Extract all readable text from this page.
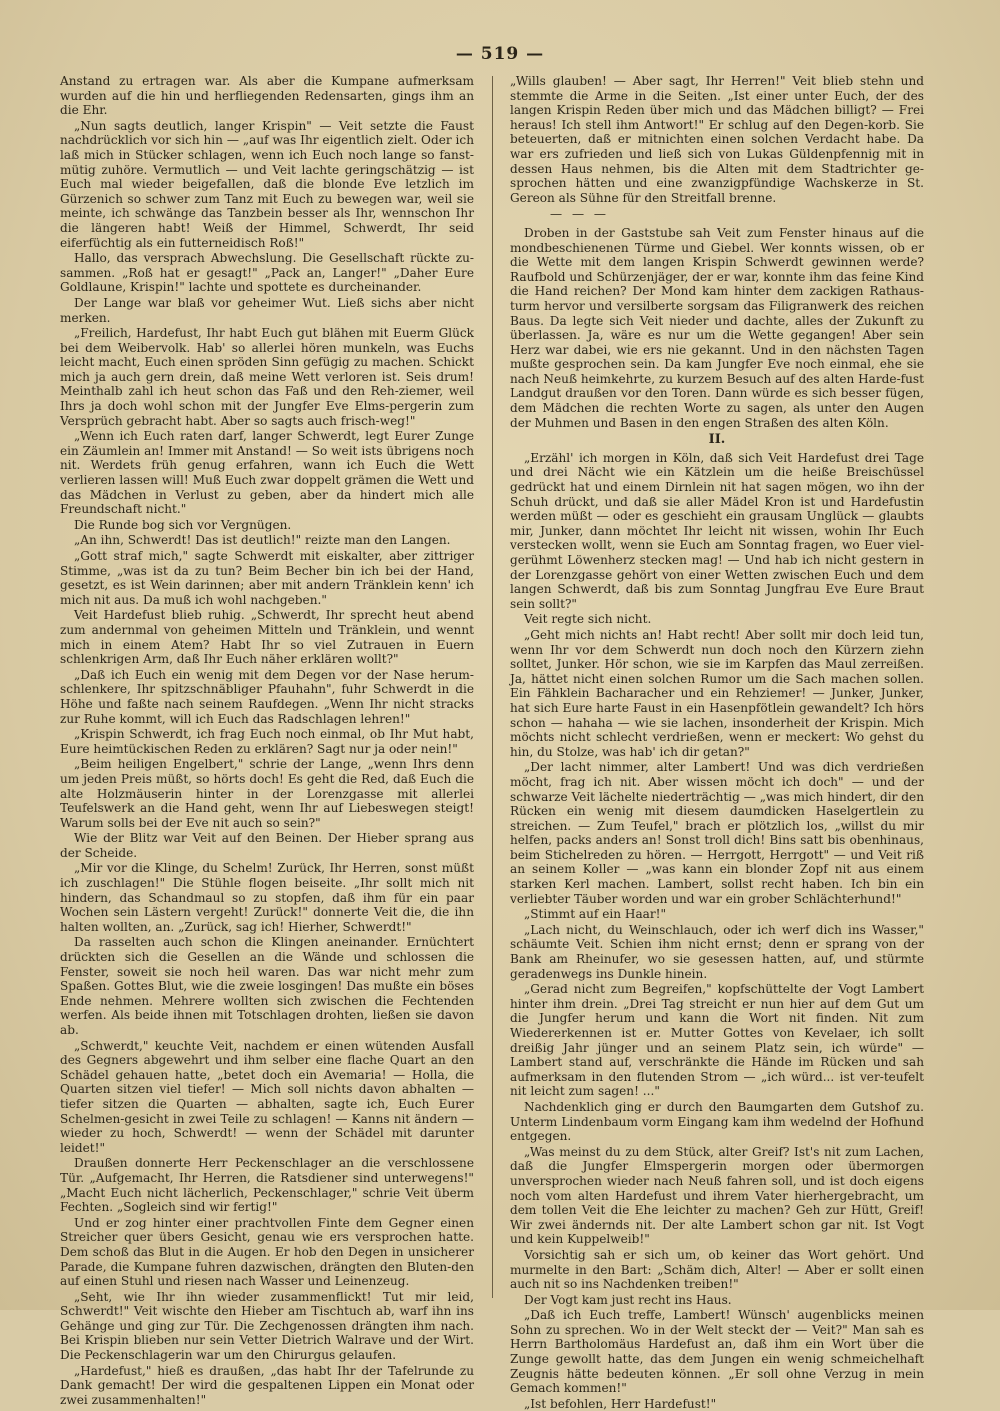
— 519 —

Anstand zu ertragen war. Als aber die Kumpane aufmerksam wurden auf die hin und herfliegenden Redensarten, gings ihm an die Ehr.

„Nun sagts deutlich, langer Krispin" — Veit setzte die Faust nachdrücklich vor sich hin — „auf was Ihr eigentlich zielt. Oder ich laß mich in Stücker schlagen, wenn ich Euch noch lange so fanst-mütig zuhöre. Vermutlich — und Veit lachte geringschätzig — ist Euch mal wieder beigefallen, daß die blonde Eve letzlich im Gürzenich so schwer zum Tanz mit Euch zu bewegen war, weil sie meinte, ich schwänge das Tanzbein besser als Ihr, wennschon Ihr die längeren habt! Weiß der Himmel, Schwerdt, Ihr seid eiferfüchtig als ein futterneidisch Roß!"

Hallo, das versprach Abwechslung. Die Gesellschaft rückte zu-sammen. „Roß hat er gesagt!" „Pack an, Langer!" „Daher Eure Goldlaune, Krispin!" lachte und spottete es durcheinander.

Der Lange war blaß vor geheimer Wut. Ließ sichs aber nicht merken.

„Freilich, Hardefust, Ihr habt Euch gut blähen mit Euerm Glück bei dem Weibervolk. Hab' so allerlei hören munkeln, was Euchs leicht macht, Euch einen spröden Sinn gefügig zu machen. Schickt mich ja auch gern drein, daß meine Wett verloren ist. Seis drum! Meinthalb zahl ich heut schon das Faß und den Reh-ziemer, weil Ihrs ja doch wohl schon mit der Jungfer Eve Elms-pergerin zum Versprüch gebracht habt. Aber so sagts auch frisch-weg!"

„Wenn ich Euch raten darf, langer Schwerdt, legt Eurer Zunge ein Zäumlein an! Immer mit Anstand! — So weit ists übrigens noch nit. Werdets früh genug erfahren, wann ich Euch die Wett verlieren lassen will! Muß Euch zwar doppelt grämen die Wett und das Mädchen in Verlust zu geben, aber da hindert mich alle Freundschaft nicht."

Die Runde bog sich vor Vergnügen.

„An ihn, Schwerdt! Das ist deutlich!" reizte man den Langen.

„Gott straf mich," sagte Schwerdt mit eiskalter, aber zittriger Stimme, „was ist da zu tun? Beim Becher bin ich bei der Hand, gesetzt, es ist Wein darinnen; aber mit andern Tränklein kenn' ich mich nit aus. Da muß ich wohl nachgeben."

Veit Hardefust blieb ruhig. „Schwerdt, Ihr sprecht heut abend zum andernmal von geheimen Mitteln und Tränklein, und wennt mich in einem Atem? Habt Ihr so viel Zutrauen in Euern schlenkrigen Arm, daß Ihr Euch näher erklären wollt?"

„Daß ich Euch ein wenig mit dem Degen vor der Nase herum-schlenkere, Ihr spitzschnäbliger Pfauhahn", fuhr Schwerdt in die Höhe und faßte nach seinem Raufdegen. „Wenn Ihr nicht stracks zur Ruhe kommt, will ich Euch das Radschlagen lehren!"

„Krispin Schwerdt, ich frag Euch noch einmal, ob Ihr Mut habt, Eure heimtückischen Reden zu erklären? Sagt nur ja oder nein!"

„Beim heiligen Engelbert," schrie der Lange, „wenn Ihrs denn um jeden Preis müßt, so hörts doch! Es geht die Red, daß Euch die alte Holzmäuserin hinter in der Lorenzgasse mit allerlei Teufelswerk an die Hand geht, wenn Ihr auf Liebeswegen steigt! Warum solls bei der Eve nit auch so sein?"

Wie der Blitz war Veit auf den Beinen. Der Hieber sprang aus der Scheide.

„Mir vor die Klinge, du Schelm! Zurück, Ihr Herren, sonst müßt ich zuschlagen!" Die Stühle flogen beiseite. „Ihr sollt mich nit hindern, das Schandmaul so zu stopfen, daß ihm für ein paar Wochen sein Lästern vergeht! Zurück!" donnerte Veit die, die ihn halten wollten, an. „Zurück, sag ich! Hierher, Schwerdt!"

Da rasselten auch schon die Klingen aneinander. Ernüchtert drückten sich die Gesellen an die Wände und schlossen die Fenster, soweit sie noch heil waren. Das war nicht mehr zum Spaßen. Gottes Blut, wie die zweie losgingen! Das mußte ein böses Ende nehmen. Mehrere wollten sich zwischen die Fechtenden werfen. Als beide ihnen mit Totschlagen drohten, ließen sie davon ab.

„Schwerdt," keuchte Veit, nachdem er einen wütenden Ausfall des Gegners abgewehrt und ihm selber eine flache Quart an den Schädel gehauen hatte, „betet doch ein Avemaria! — Holla, die Quarten sitzen viel tiefer! — Mich soll nichts davon abhalten — tiefer sitzen die Quarten — abhalten, sagte ich, Euch Eurer Schelmen-gesicht in zwei Teile zu schlagen! — Kanns nit ändern — wieder zu hoch, Schwerdt! — wenn der Schädel mit darunter leidet!"

Draußen donnerte Herr Peckenschlager an die verschlossene Tür. „Aufgemacht, Ihr Herren, die Ratsdiener sind unterwegens!" „Macht Euch nicht lächerlich, Peckenschlager," schrie Veit überm Fechten. „Sogleich sind wir fertig!"

Und er zog hinter einer prachtvollen Finte dem Gegner einen Streicher quer übers Gesicht, genau wie ers versprochen hatte. Dem schoß das Blut in die Augen. Er hob den Degen in unsicherer Parade, die Kumpane fuhren dazwischen, drängten den Bluten-den auf einen Stuhl und riesen nach Wasser und Leinenzeug.

„Seht, wie Ihr ihn wieder zusammenflickt! Tut mir leid, Schwerdt!" Veit wischte den Hieber am Tischtuch ab, warf ihn ins Gehänge und ging zur Tür. Die Zechgenossen drängten ihm nach. Bei Krispin blieben nur sein Vetter Dietrich Walrave und der Wirt. Die Peckenschlagerin war um den Chirurgus gelaufen.

„Hardefust," hieß es draußen, „das habt Ihr der Tafelrunde zu Dank gemacht! Der wird die gespaltenen Lippen ein Monat oder zwei zusammenhalten!"

„Wills glauben! — Aber sagt, Ihr Herren!" Veit blieb stehn und stemmte die Arme in die Seiten. „Ist einer unter Euch, der des langen Krispin Reden über mich und das Mädchen billigt? — Frei heraus! Ich stell ihm Antwort!" Er schlug auf den Degen-korb. Sie beteuerten, daß er mitnichten einen solchen Verdacht habe. Da war ers zufrieden und ließ sich von Lukas Güldenpfennig mit in dessen Haus nehmen, bis die Alten mit dem Stadtrichter ge-sprochen hätten und eine zwanzigpfündige Wachskerze in St. Gereon als Sühne für den Streitfall brenne.

— — —

Droben in der Gaststube sah Veit zum Fenster hinaus auf die mondbeschienenen Türme und Giebel. Wer konnts wissen, ob er die Wette mit dem langen Krispin Schwerdt gewinnen werde? Raufbold und Schürzenjäger, der er war, konnte ihm das feine Kind die Hand reichen? Der Mond kam hinter dem zackigen Rathaus-turm hervor und versilberte sorgsam das Filigranwerk des reichen Baus. Da legte sich Veit nieder und dachte, alles der Zukunft zu überlassen. Ja, wäre es nur um die Wette gegangen! Aber sein Herz war dabei, wie ers nie gekannt. Und in den nächsten Tagen mußte gesprochen sein. Da kam Jungfer Eve noch einmal, ehe sie nach Neuß heimkehrte, zu kurzem Besuch auf des alten Harde-fust Landgut draußen vor den Toren. Dann würde es sich besser fügen, dem Mädchen die rechten Worte zu sagen, als unter den Augen der Muhmen und Basen in den engen Straßen des alten Köln.

II.

„Erzähl' ich morgen in Köln, daß sich Veit Hardefust drei Tage und drei Nächt wie ein Kätzlein um die heiße Breischüssel gedrückt hat und einem Dirnlein nit hat sagen mögen, wo ihn der Schuh drückt, und daß sie aller Mädel Kron ist und Hardefustin werden müßt — oder es geschieht ein grausam Unglück — glaubts mir, Junker, dann möchtet Ihr leicht nit wissen, wohin Ihr Euch verstecken wollt, wenn sie Euch am Sonntag fragen, wo Euer viel-gerühmt Löwenherz stecken mag! — Und hab ich nicht gestern in der Lorenzgasse gehört von einer Wetten zwischen Euch und dem langen Schwerdt, daß bis zum Sonntag Jungfrau Eve Eure Braut sein sollt?"

Veit regte sich nicht.

„Geht mich nichts an! Habt recht! Aber sollt mir doch leid tun, wenn Ihr vor dem Schwerdt nun doch noch den Kürzern ziehn solltet, Junker. Hör schon, wie sie im Karpfen das Maul zerreißen. Ja, hättet nicht einen solchen Rumor um die Sach machen sollen. Ein Fähklein Bacharacher und ein Rehziemer! — Junker, Junker, hat sich Eure harte Faust in ein Hasenpfötlein gewandelt? Ich hörs schon — hahaha — wie sie lachen, insonderheit der Krispin. Mich möchts nicht schlecht verdrießen, wenn er meckert: Wo gehst du hin, du Stolze, was hab' ich dir getan?"

„Der lacht nimmer, alter Lambert! Und was dich verdrießen möcht, frag ich nit. Aber wissen möcht ich doch" — und der schwarze Veit lächelte niederträchtig — „was mich hindert, dir den Rücken ein wenig mit diesem daumdicken Haselgertlein zu streichen. — Zum Teufel," brach er plötzlich los, „willst du mir helfen, packs anders an! Sonst troll dich! Bins satt bis obenhinaus, beim Stichelreden zu hören. — Herrgott, Herrgott" — und Veit riß an seinem Koller — „was kann ein blonder Zopf nit aus einem starken Kerl machen. Lambert, sollst recht haben. Ich bin ein verliebter Täuber worden und war ein grober Schlächterhund!"

„Stimmt auf ein Haar!"

„Lach nicht, du Weinschlauch, oder ich werf dich ins Wasser," schäumte Veit. Schien ihm nicht ernst; denn er sprang von der Bank am Rheinufer, wo sie gesessen hatten, auf, und stürmte geradenwegs ins Dunkle hinein.

„Gerad nicht zum Begreifen," kopfschüttelte der Vogt Lambert hinter ihm drein. „Drei Tag streicht er nun hier auf dem Gut um die Jungfer herum und kann die Wort nit finden. Nit zum Wiedererkennen ist er. Mutter Gottes von Kevelaer, ich sollt dreißig Jahr jünger und an seinem Platz sein, ich würde" — Lambert stand auf, verschränkte die Hände im Rücken und sah aufmerksam in den flutenden Strom — „ich würd... ist ver-teufelt nit leicht zum sagen! ..."

Nachdenklich ging er durch den Baumgarten dem Gutshof zu. Unterm Lindenbaum vorm Eingang kam ihm wedelnd der Hofhund entgegen.

„Was meinst du zu dem Stück, alter Greif? Ist's nit zum Lachen, daß die Jungfer Elmspergerin morgen oder übermorgen unversprochen wieder nach Neuß fahren soll, und ist doch eigens noch vom alten Hardefust und ihrem Vater hierhergebracht, um dem tollen Veit die Ehe leichter zu machen? Geh zur Hütt, Greif! Wir zwei ändernds nit. Der alte Lambert schon gar nit. Ist Vogt und kein Kuppelweib!"

Vorsichtig sah er sich um, ob keiner das Wort gehört. Und murmelte in den Bart: „Schäm dich, Alter! — Aber er sollt einen auch nit so ins Nachdenken treiben!"

Der Vogt kam just recht ins Haus.

„Daß ich Euch treffe, Lambert! Wünsch' augenblicks meinen Sohn zu sprechen. Wo in der Welt steckt der — Veit?" Man sah es Herrn Bartholomäus Hardefust an, daß ihm ein Wort über die Zunge gewollt hatte, das dem Jungen ein wenig schmeichelhaft Zeugnis hätte bedeuten können. „Er soll ohne Verzug in mein Gemach kommen!"

„Ist befohlen, Herr Hardefust!"
